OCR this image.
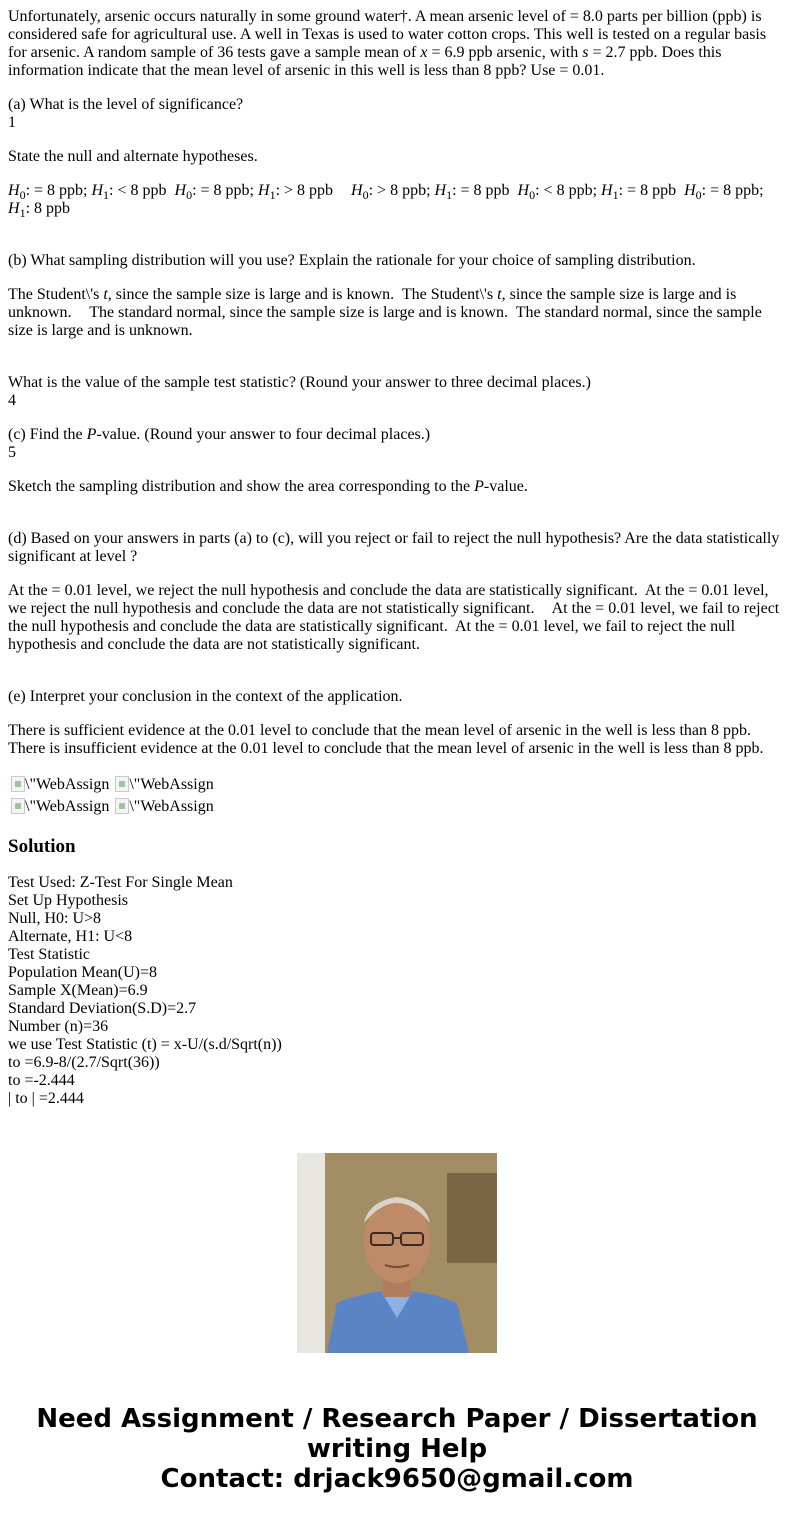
Unfortunately, arsenic occurs naturally in some ground water†. A mean arsenic level of = 8.0 parts per billion (ppb) is considered safe for agricultural use. A well in Texas is used to water cotton crops. This well is tested on a regular basis for arsenic. A random sample of 36 tests gave a sample mean of x = 6.9 ppb arsenic, with s = 2.7 ppb. Does this information indicate that the mean level of arsenic in this well is less than 8 ppb? Use = 0.01.

(a) What is the level of significance?

1

State the null and alternate hypotheses.

$H_0$: = 8 ppb; $H_1$: < 8 ppb $H_0$: = 8 ppb; $H_1$: > 8 ppb $H_0$: > 8 ppb; $H_1$: = 8 ppb $H_0$: < 8 ppb; $H_1$: = 8 ppb $H_0$: = 8 ppb; $H_1$: 8 ppb

(b) What sampling distribution will you use? Explain the rationale for your choice of sampling distribution.

The Student\'s t, since the sample size is large and is known. The Student\'s t, since the sample size is large and is unknown. The standard normal, since the sample size is large and is known. The standard normal, since the sample size is large and is unknown.

What is the value of the sample test statistic? (Round your answer to three decimal places.)

4

(c) Find the P-value. (Round your answer to four decimal places.)

5

Sketch the sampling distribution and show the area corresponding to the P-value.

(d) Based on your answers in parts (a) to (c), will you reject or fail to reject the null hypothesis? Are the data statistically significant at level ?

At the = 0.01 level, we reject the null hypothesis and conclude the data are statistically significant. At the = 0.01 level, we reject the null hypothesis and conclude the data are not statistically significant. At the = 0.01 level, we fail to reject the null hypothesis and conclude the data are statistically significant. At the = 0.01 level, we fail to reject the null hypothesis and conclude the data are not statistically significant.

(e) Interpret your conclusion in the context of the application.

There is sufficient evidence at the 0.01 level to conclude that the mean level of arsenic in the well is less than 8 ppb. There is insufficient evidence at the 0.01 level to conclude that the mean level of arsenic in the well is less than 8 ppb.

\"WebAssign \"WebAssign
\"WebAssign \"WebAssign
Solution
Test Used: Z-Test For Single Mean
Set Up Hypothesis
Null, H0: U>8
Alternate, H1: U<8
Test Statistic
Population Mean(U)=8
Sample X(Mean)=6.9
Standard Deviation(S.D)=2.7
Number (n)=36
we use Test Statistic (t) = x-U/(s.d/Sqrt(n))
to =6.9-8/(2.7/Sqrt(36))
to =-2.444
| to | =2.444
Need Assignment / Research Paper / Dissertation
writing Help
Contact: drjack9650@gmail.com
